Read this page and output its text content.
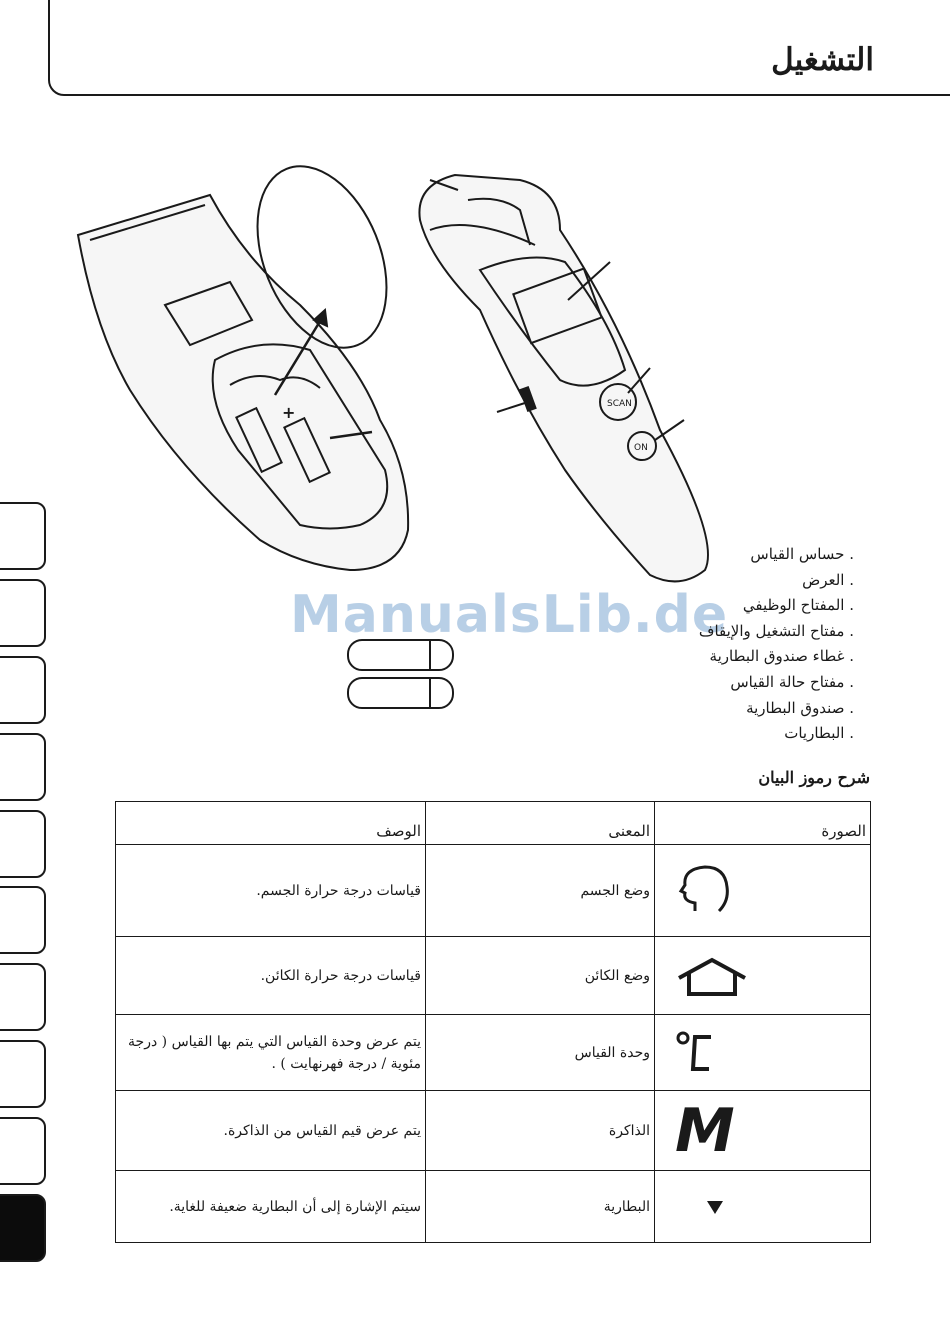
التشغيل
+	SCAN
ON
ManualsLib.de
. حساس القياس
. العرض
. المفتاح الوظيفي
. مفتاح التشغيل والإيقاف
. غطاء صندوق البطارية
. مفتاح حالة القياس
. صندوق البطارية
. البطاريات
شرح رموز البيان
الصورة	المعنى	الوصف
	وضع الجسم	قياسات درجة حرارة الجسم.
	وضع الكائن	قياسات درجة حرارة الكائن.
	وحدة القياس	يتم عرض وحدة القياس التي يتم بها القياس ( درجة مئوية / درجة فهرنهايت ) .
M	الذاكرة	يتم عرض قيم القياس من الذاكرة.
	البطارية	سيتم الإشارة إلى أن البطارية ضعيفة للغاية.
